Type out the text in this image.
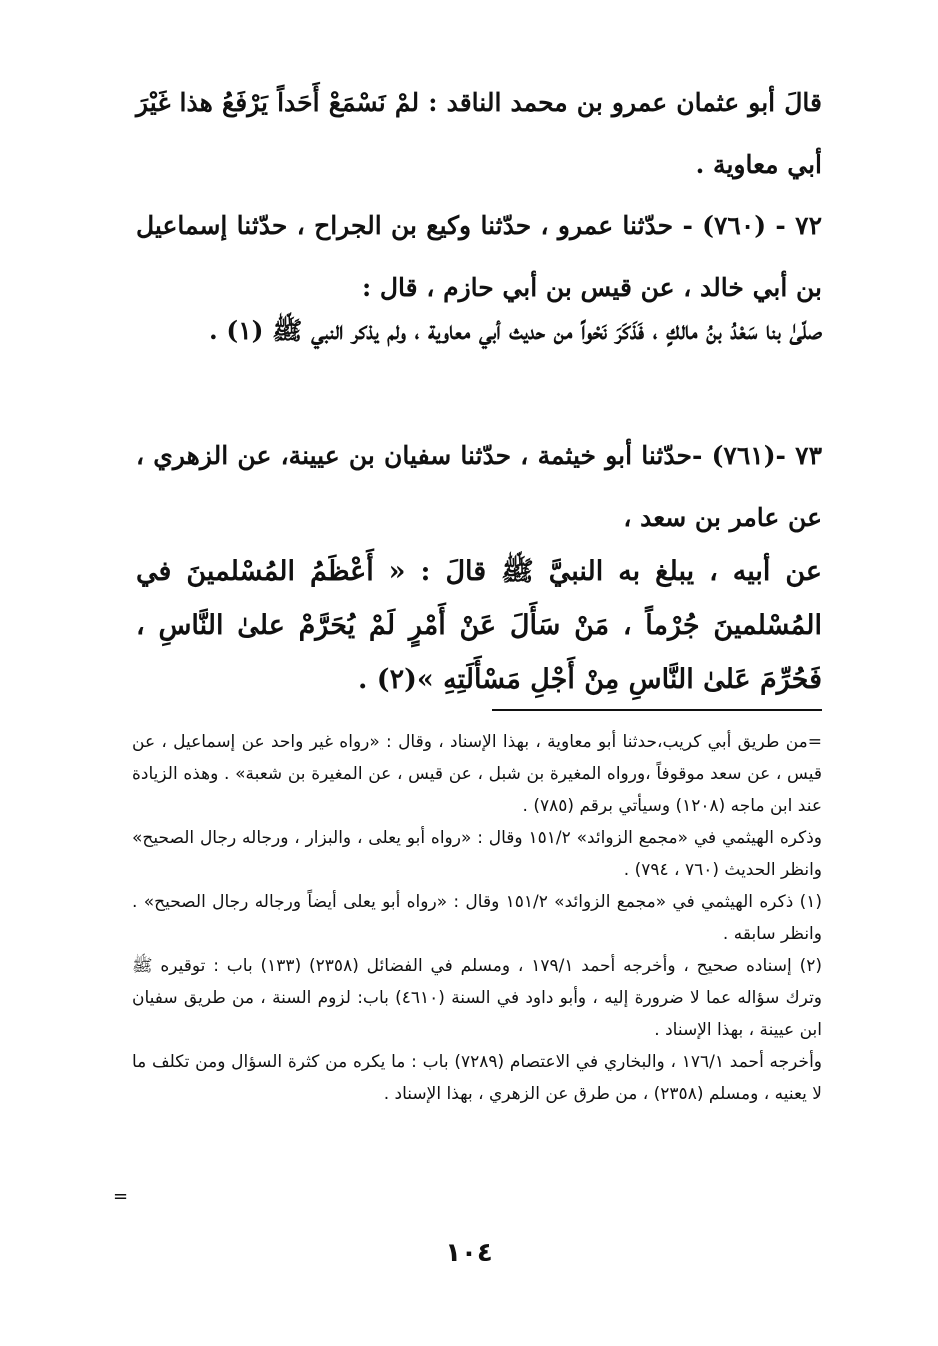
قالَ أبو عثمان عمرو بن محمد الناقد : لمْ نَسْمَعْ أَحَداً يَرْفَعُ هذا غَيْرَ أبي معاوية .
٧٢ - (٧٦٠) - حدّثنا عمرو ، حدّثنا وكيع بن الجراح ، حدّثنا إسماعيل بن أبي خالد ، عن قيس بن أبي حازم ، قال :
صلّىٰ بنا سَعْدُ بنُ مالكٍ ، فَذَكَرَ نَحْواً من حديث أبي معاوية ، ولم يذكر النبي ﷺ (١) .
٧٣ -(٧٦١) -حدّثنا أبو خيثمة ، حدّثنا سفيان بن عيينة، عن الزهري ، عن عامر بن سعد ،
عن أبيه ، يبلغ به النبيَّ ﷺ قالَ : « أَعْظَمُ المُسْلمينَ في المُسْلمينَ جُرْماً ، مَنْ سَأَلَ عَنْ أَمْرٍ لَمْ يُحَرَّمْ علىٰ النَّاسِ ، فَحُرِّمَ عَلىٰ النَّاسِ مِنْ أَجْلِ مَسْأَلَتِهِ »(٢) .

=من طريق أبي كريب،حدثنا أبو معاوية ، بهذا الإسناد ، وقال : «رواه غير واحد عن إسماعيل ، عن قيس ، عن سعد موقوفاً ،ورواه المغيرة بن شبل ، عن قيس ، عن المغيرة بن شعبة» . وهذه الزيادة عند ابن ماجه (١٢٠٨) وسيأتي برقم (٧٨٥) .

وذكره الهيثمي في «مجمع الزوائد» ١٥١/٢ وقال : «رواه أبو يعلى ، والبزار ، ورجاله رجال الصحيح» وانظر الحديث (٧٦٠ ، ٧٩٤) .

(١) ذكره الهيثمي في «مجمع الزوائد» ١٥١/٢ وقال : «رواه أبو يعلى أيضاً ورجاله رجال الصحيح» . وانظر سابقه .

(٢) إسناده صحيح ، وأخرجه أحمد ١٧٩/١ ، ومسلم في الفضائل (٢٣٥٨) (١٣٣) باب : توقيره ﷺ وترك سؤاله عما لا ضرورة إليه ، وأبو داود في السنة (٤٦١٠) باب: لزوم السنة ، من طريق سفيان ابن عيينة ، بهذا الإسناد .

وأخرجه أحمد ١٧٦/١ ، والبخاري في الاعتصام (٧٢٨٩) باب : ما يكره من كثرة السؤال ومن تكلف ما لا يعنيه ، ومسلم (٢٣٥٨) ، من طرق عن الزهري ، بهذا الإسناد .

=
١٠٤
